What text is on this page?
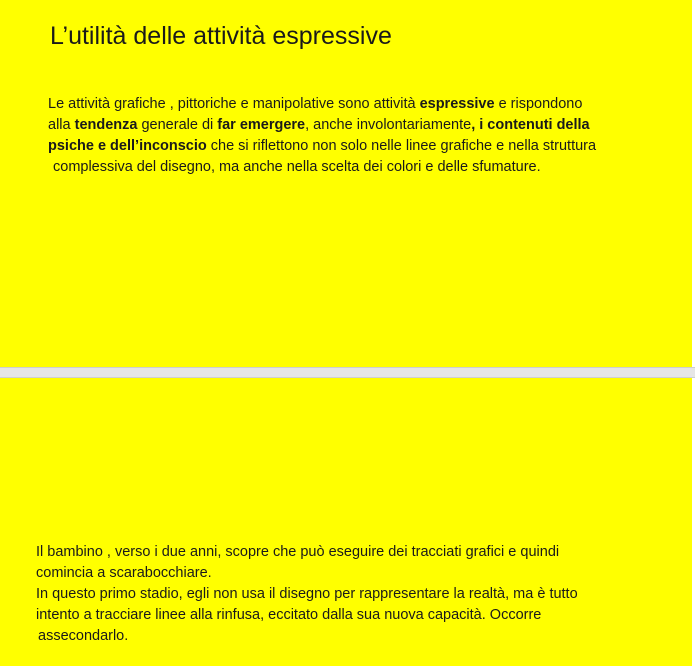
L’utilità delle attività espressive
Le attività grafiche , pittoriche e manipolative sono attività espressive e rispondono
alla tendenza generale di far emergere, anche involontariamente, i contenuti della
psiche e dell’inconscio che si riflettono non solo nelle linee grafiche e nella struttura
complessiva del disegno, ma anche nella scelta dei colori e delle sfumature.
Il bambino , verso i due anni, scopre che può eseguire dei tracciati grafici e quindi
comincia a scarabocchiare.
In questo primo stadio, egli non usa il disegno per rappresentare la realtà, ma è tutto
intento a tracciare linee alla rinfusa, eccitato dalla sua nuova capacità. Occorre
assecondarlo.
